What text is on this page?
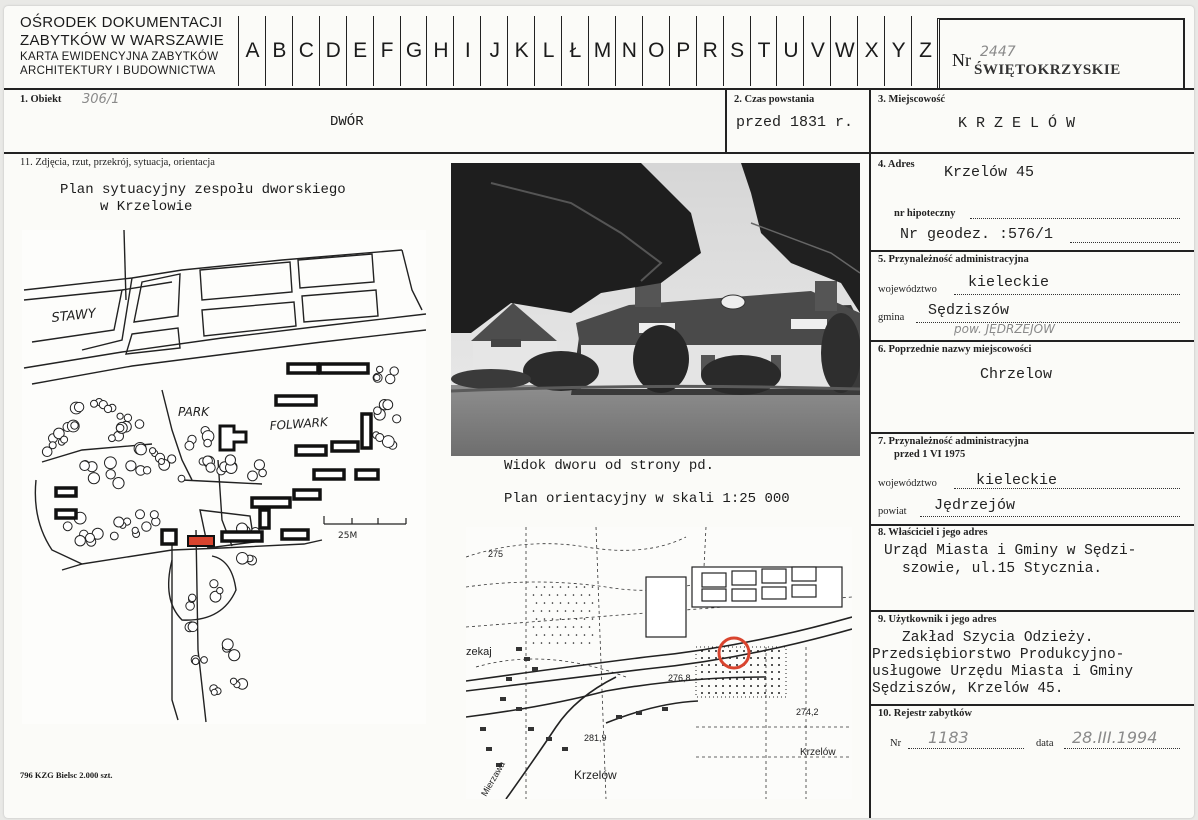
OŚRODEK DOKUMENTACJI
ZABYTKÓW W WARSZAWIE
KARTA EWIDENCYJNA ZABYTKÓW
ARCHITEKTURY I BUDOWNICTWA
A B C D E F G H I J K L Ł M N O P R S T U V W X Y Z	Nr 2447
ŚWIĘTOKRZYSKIE
1. Obiekt 306/1
DWÓR
2. Czas powstania
przed 1831 r.
3. Miejscowość
KRZELÓW
11. Zdjęcia, rzut, przekrój, sytuacja, orientacja
Plan sytuacyjny zespołu dworskiego
w Krzelowie
STAWY
PARK
FOLWARK
25M
Widok dworu od strony pd.
Plan orientacyjny w skali 1:25 000
275
zekaj
276,8
274,2
281,9
Krzelów
Krzelów
Mierzawa
796 KZG Bielsc 2.000 szt.
4. Adres Krzelów 45
nr hipoteczny
Nr geodez. :576/1
5. Przynależność administracyjna
województwo kieleckie
gmina Sędziszów
pow. JĘDRZEJÓW
6. Poprzednie nazwy miejscowości
Chrzelow
7. Przynależność administracyjna
przed 1 VI 1975
województwo	kieleckie
powiat Jędrzejów
8. Właściciel i jego adres
Urząd Miasta i Gminy w Sędzi-
szowie, ul.15 Stycznia.
9. Użytkownik i jego adres
Zakład Szycia Odzieży.
Przedsiębiorstwo Produkcyjno-
usługowe Urzędu Miasta i Gminy
Sędziszów, Krzelów 45.
10. Rejestr zabytków
Nr 1183	data 28.III.1994
